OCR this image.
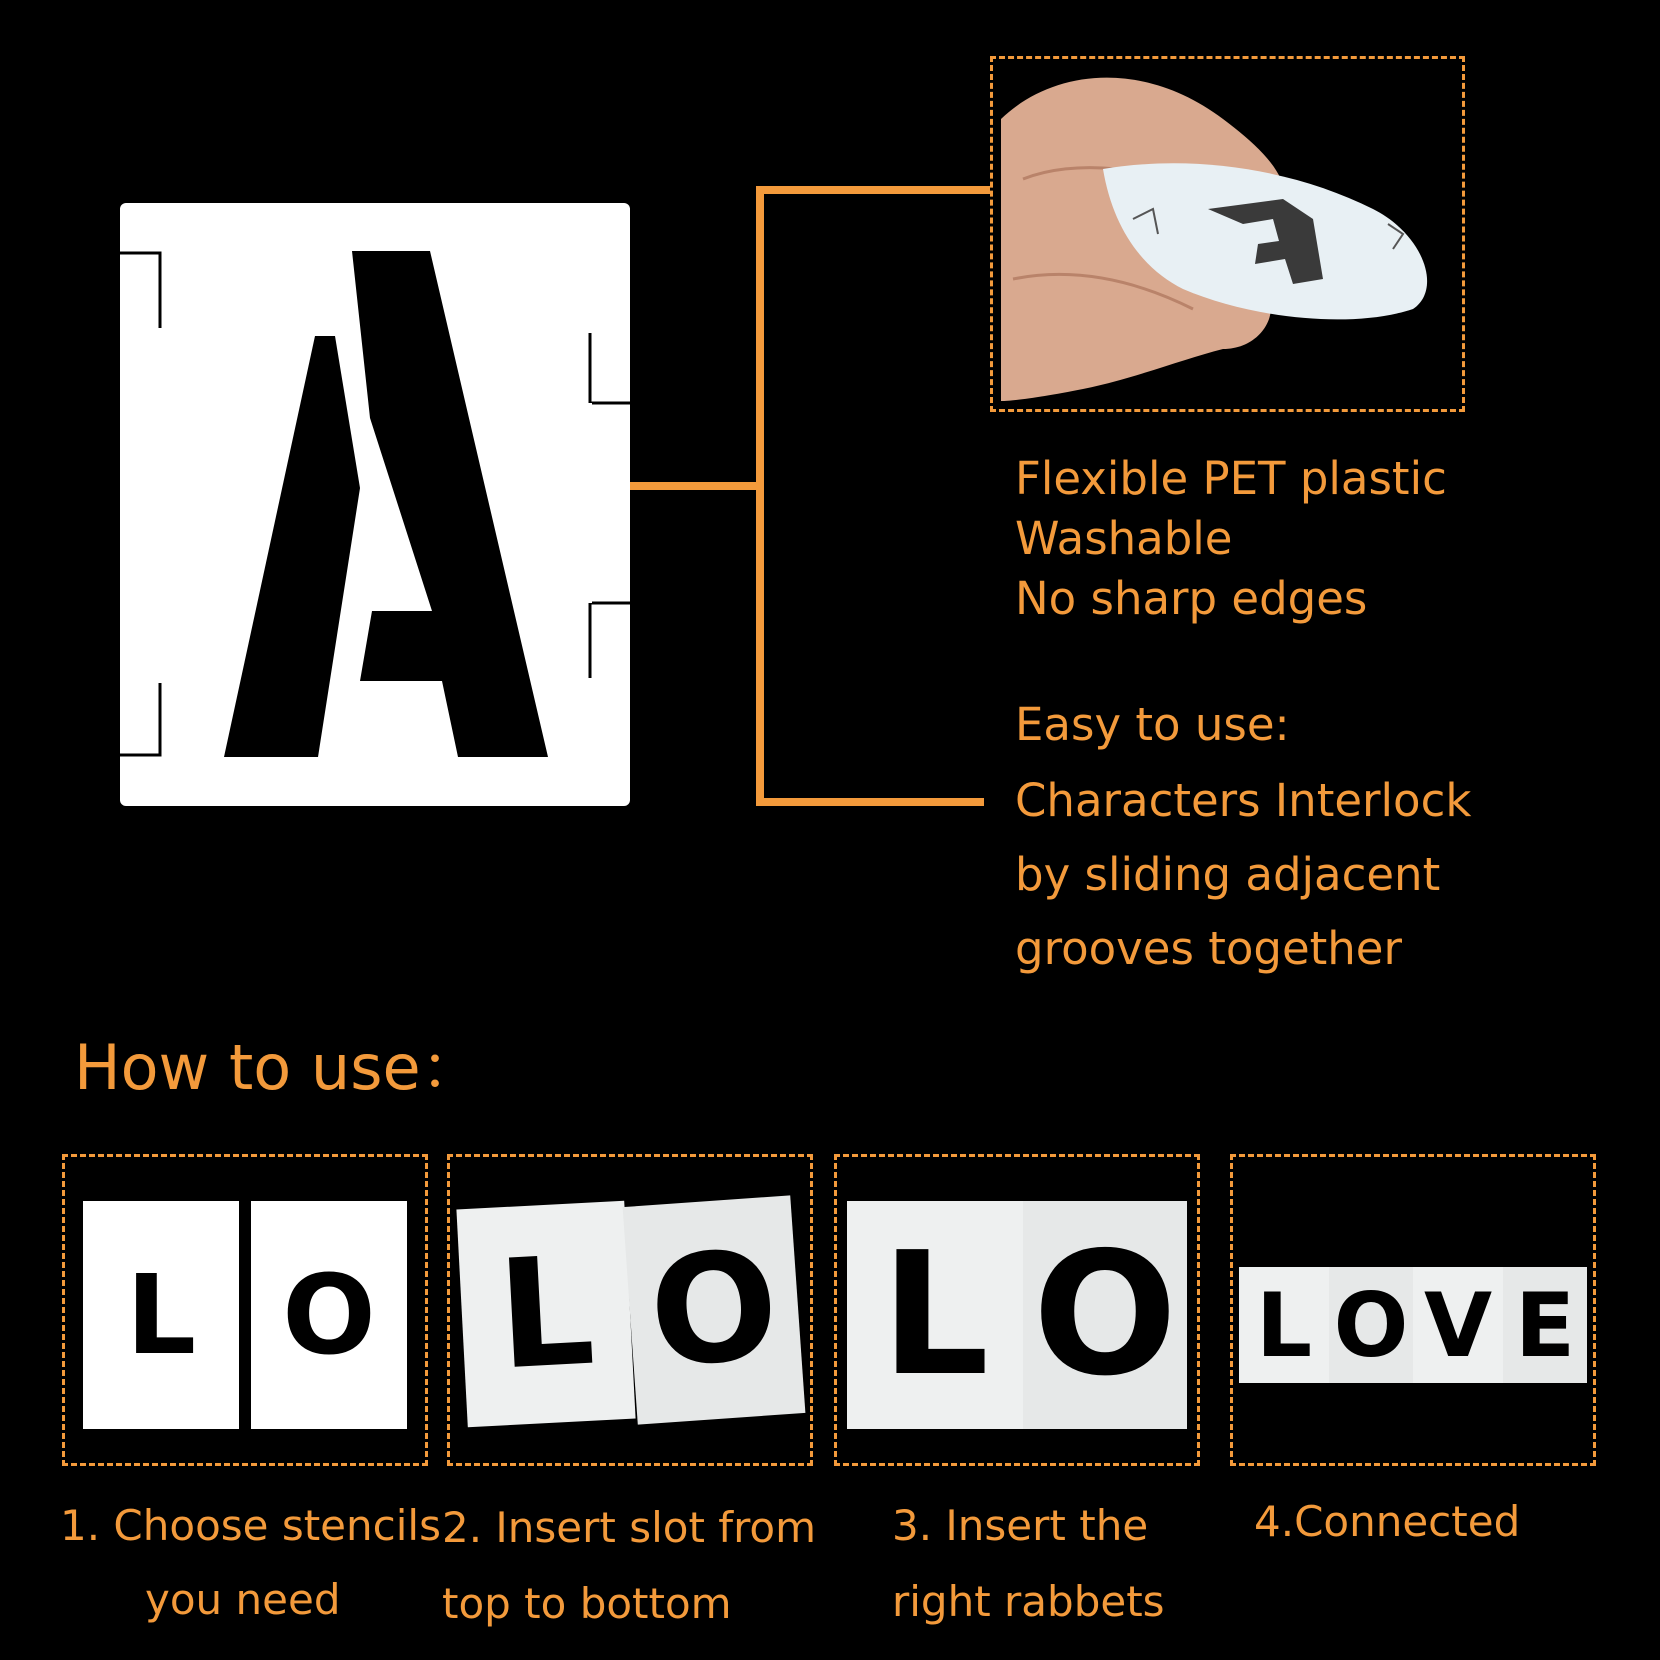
Flexible PET plastic
Washable
No sharp edges
Easy to use:
Characters Interlock
by sliding adjacent
grooves together
How to use：
L O L O L O L O V E
1. Choose stencils
you need
2. Insert slot from
top to bottom
3. Insert the
right rabbets
4.Connected
